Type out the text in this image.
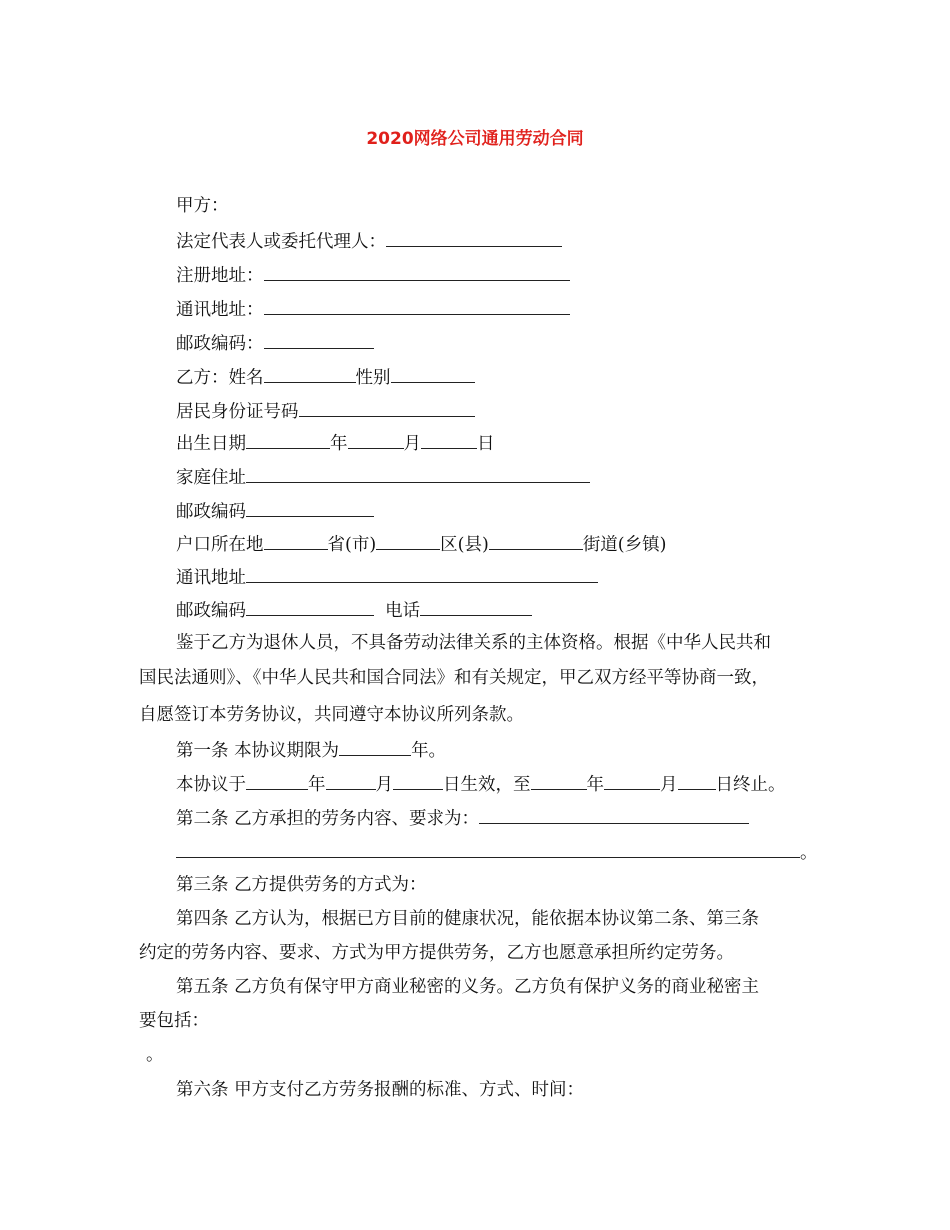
2020网络公司通用劳动合同
甲方：
法定代表人或委托代理人：
注册地址：
通讯地址：
邮政编码：
乙方：姓名	性别
居民身份证号码
出生日期	年	月	日
家庭住址
邮政编码
户口所在地	省(市)	区(县)	街道(乡镇)
通讯地址
邮政编码	电话
鉴于乙方为退休人员，不具备劳动法律关系的主体资格。根据《中华人民共和
国民法通则》、《中华人民共和国合同法》和有关规定，甲乙双方经平等协商一致，
自愿签订本劳务协议，共同遵守本协议所列条款。
第一条 本协议期限为	年。
本协议于	年	月	日生效，至	年	月 日终止。
第二条 乙方承担的劳务内容、要求为：
。
第三条 乙方提供劳务的方式为：
第四条 乙方认为，根据已方目前的健康状况，能依据本协议第二条、第三条
约定的劳务内容、要求、方式为甲方提供劳务，乙方也愿意承担所约定劳务。
第五条 乙方负有保守甲方商业秘密的义务。乙方负有保护义务的商业秘密主
要包括：
。
第六条 甲方支付乙方劳务报酬的标准、方式、时间：
